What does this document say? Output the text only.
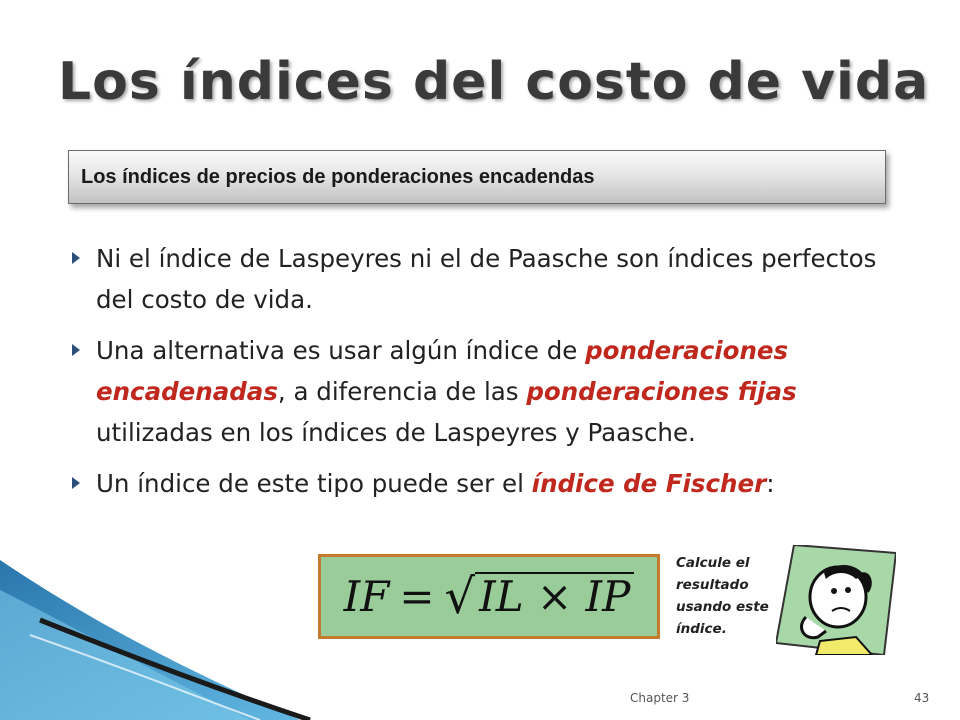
Los índices del costo de vida
Los índices de precios de ponderaciones encadendas
Ni el índice de Laspeyres ni el de Paasche son índices perfectos del costo de vida.
Una alternativa es usar algún índice de ponderaciones encadenadas, a diferencia de las ponderaciones fijas utilizadas en los índices de Laspeyres y Paasche.
Un índice de este tipo puede ser el índice de Fischer:
IF = √ IL × IP

Calcule el resultado usando este índice.

Chapter 3	43
